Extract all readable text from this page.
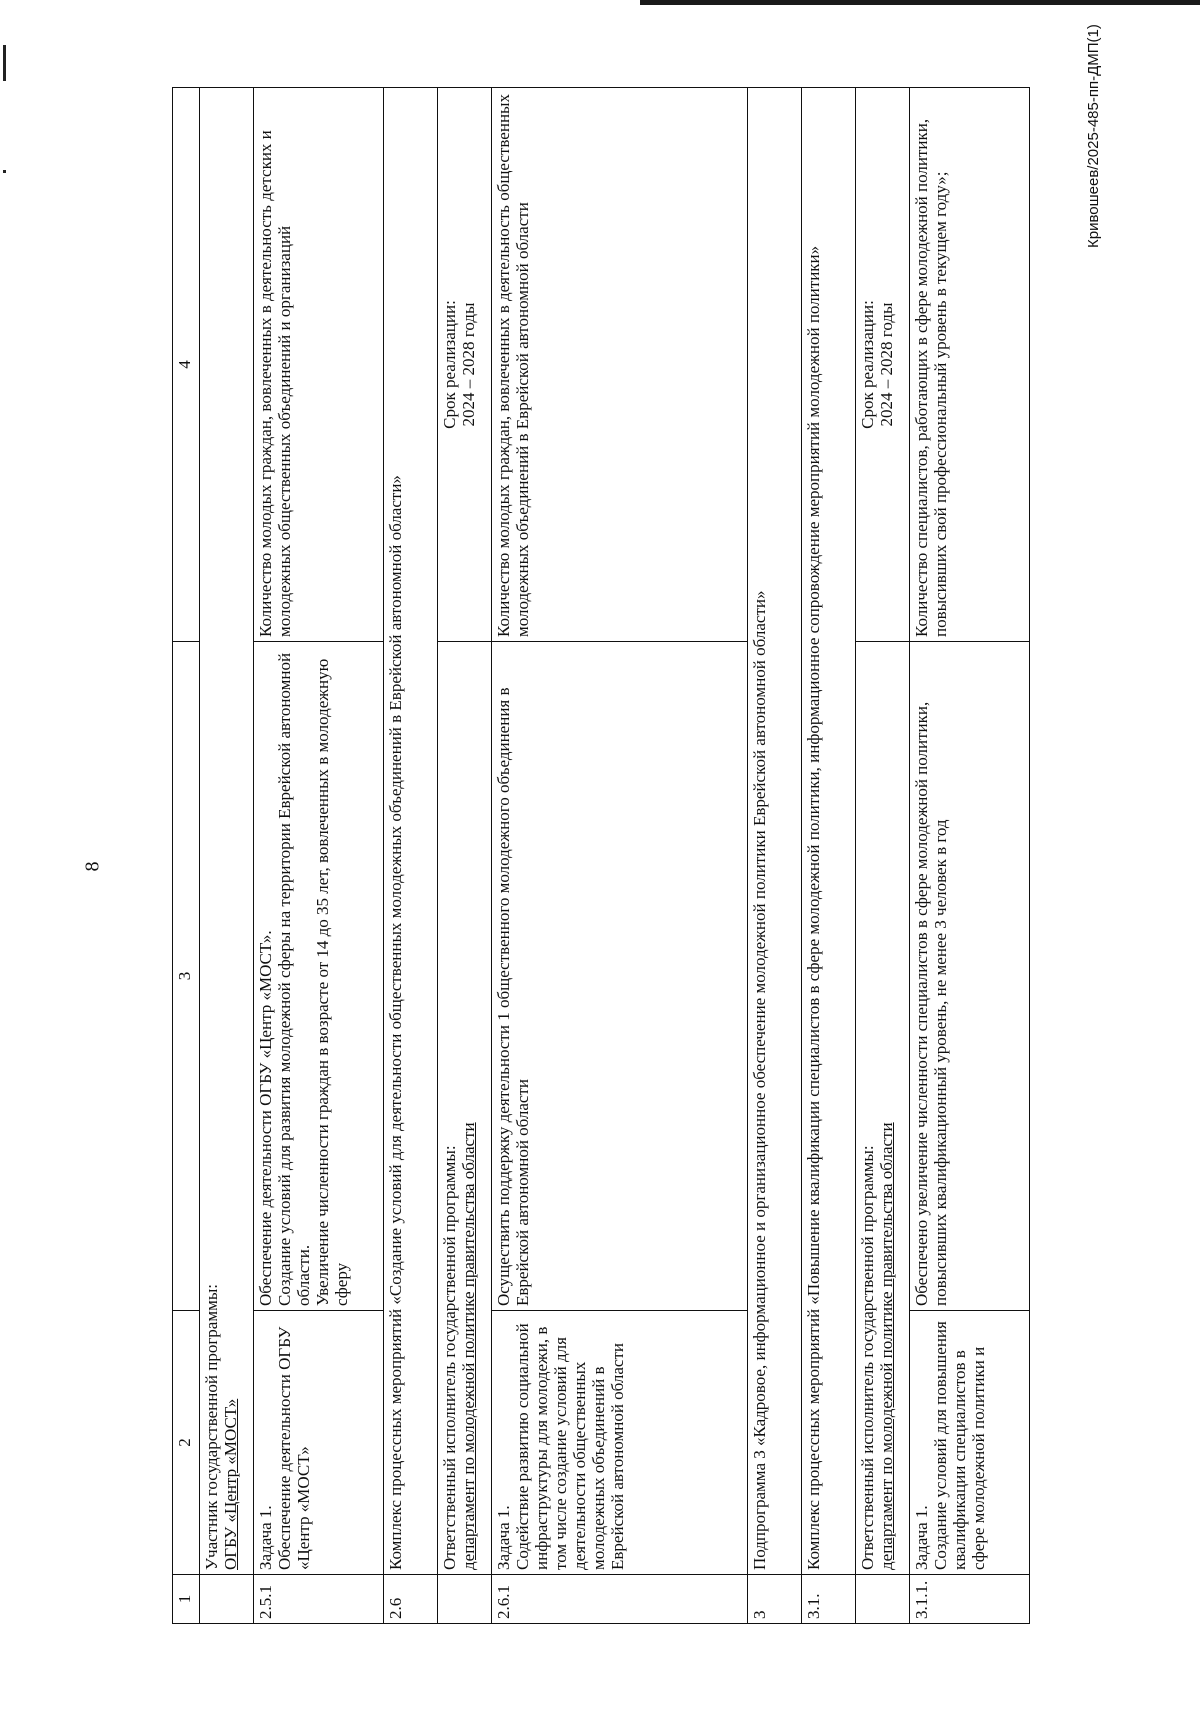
8
1	2	3	4

	Участник государственной программы: ОГБУ «Центр «МОСТ»		

2.5.1	Задача 1. Обеспечение деятельности ОГБУ «Центр «МОСТ»	Обеспечение деятельности ОГБУ «Центр «МОСТ». Создание условий для развития молодежной сферы на территории Еврейской автономной области. Увеличение численности граждан в возрасте от 14 до 35 лет, вовлеченных в молодежную сферу	Количество молодых граждан, вовлеченных в деятельность детских и молодежных общественных объединений и организаций

2.6	Комплекс процессных мероприятий «Создание условий для деятельности общественных молодежных объединений в Еврейской автономной области»		

	Ответственный исполнитель государственной программы: департамент по молодежной политике правительства области		Срок реализации: 2024 – 2028 годы

2.6.1	Задача 1. Содействие развитию социальной инфраструктуры для молодежи, в том числе создание условий для деятельности общественных молодежных объединений в Еврейской автономной области	Осуществить поддержку деятельности 1 общественного молодежного объединения в Еврейской автономной области	Количество молодых граждан, вовлеченных в деятельность общественных молодежных объединений в Еврейской автономной области

3	Подпрограмма 3 «Кадровое, информационное и организационное обеспечение молодежной политики Еврейской автономной области»		
3.1.	Комплекс процессных мероприятий «Повышение квалификации специалистов в сфере молодежной политики, информационное сопровождение мероприятий молодежной политики»		

	Ответственный исполнитель государственной программы: департамент по молодежной политике правительства области		Срок реализации: 2024 – 2028 годы

3.1.1.	Задача 1. Создание условий для повышения квалификации специалистов в сфере молодежной политики и	Обеспечено увеличение численности специалистов в сфере молодежной политики, повысивших квалификационный уровень, не менее 3 человек в год	Количество специалистов, работающих в сфере молодежной политики, повысивших свой профессиональный уровень в текущем году»;
Кривошеев/2025-485-пп-ДМП(1)
